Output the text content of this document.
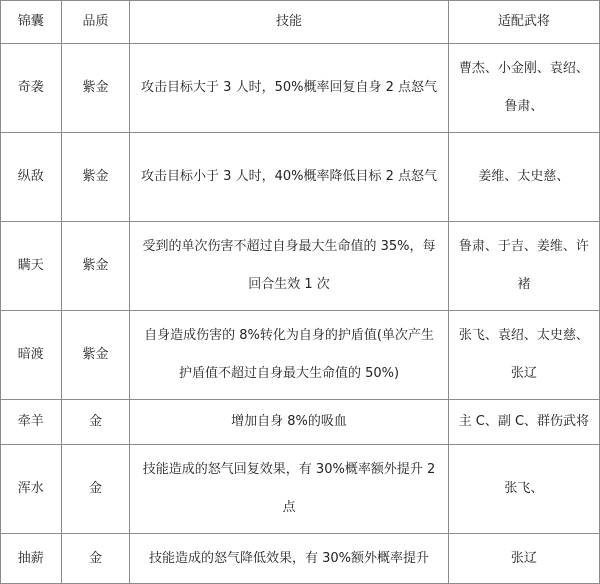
锦囊	品质	技能	适配武将
奇袭	紫金	攻击目标大于 3 人时，50%概率回复自身 2 点怒气	曹杰、小金刚、袁绍、鲁肃、
纵敌	紫金	攻击目标小于 3 人时，40%概率降低目标 2 点怒气	姜维、太史慈、
瞒天	紫金	受到的单次伤害不超过自身最大生命值的 35%，每回合生效 1 次	鲁肃、于吉、姜维、许褚
暗渡	紫金	自身造成伤害的 8%转化为自身的护盾值(单次产生护盾值不超过自身最大生命值的 50%)	张飞、袁绍、太史慈、张辽
牵羊	金	增加自身 8%的吸血	主 C、副 C、群伤武将
浑水	金	技能造成的怒气回复效果，有 30%概率额外提升 2 点	张飞、
抽薪	金	技能造成的怒气降低效果，有 30%额外概率提升	张辽
